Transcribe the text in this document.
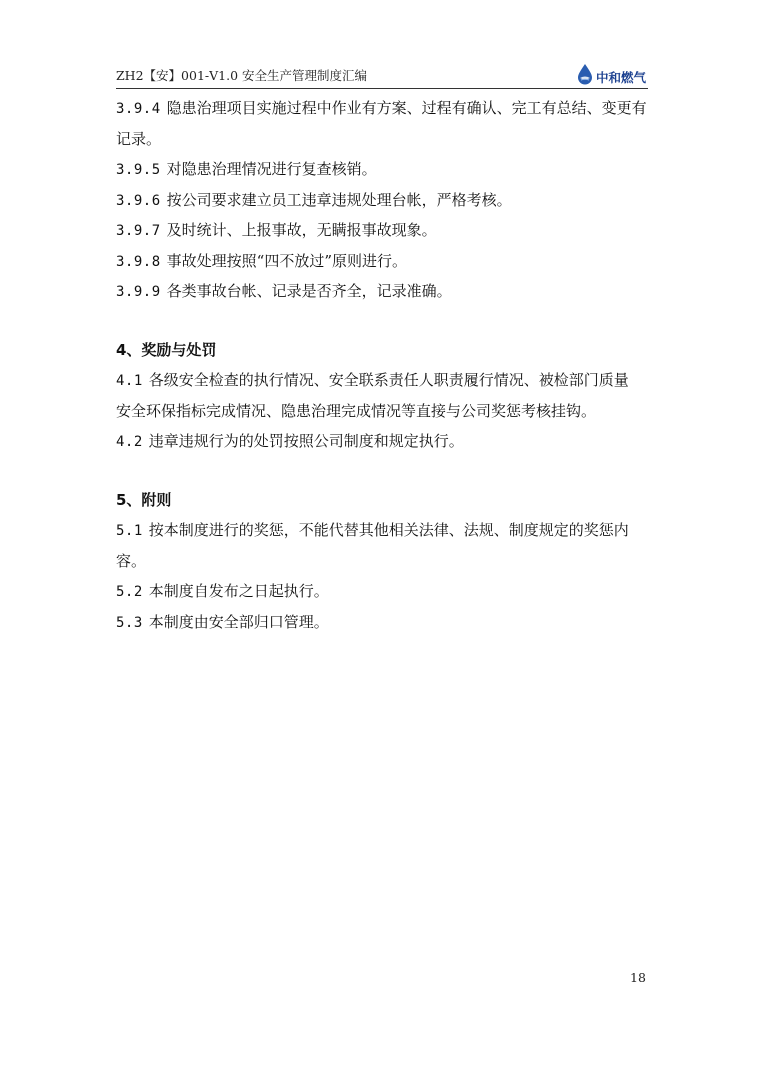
ZH2【安】001-V1.0 安全生产管理制度汇编	中和燃气
3.9.4 隐患治理项目实施过程中作业有方案、过程有确认、完工有总结、变更有
记录。
3.9.5 对隐患治理情况进行复查核销。
3.9.6 按公司要求建立员工违章违规处理台帐，严格考核。
3.9.7 及时统计、上报事故，无瞒报事故现象。
3.9.8 事故处理按照“四不放过”原则进行。
3.9.9 各类事故台帐、记录是否齐全，记录准确。
4、奖励与处罚
4.1 各级安全检查的执行情况、安全联系责任人职责履行情况、被检部门质量
安全环保指标完成情况、隐患治理完成情况等直接与公司奖惩考核挂钩。
4.2 违章违规行为的处罚按照公司制度和规定执行。
5、附则
5.1 按本制度进行的奖惩，不能代替其他相关法律、法规、制度规定的奖惩内
容。
5.2 本制度自发布之日起执行。
5.3 本制度由安全部归口管理。
18
